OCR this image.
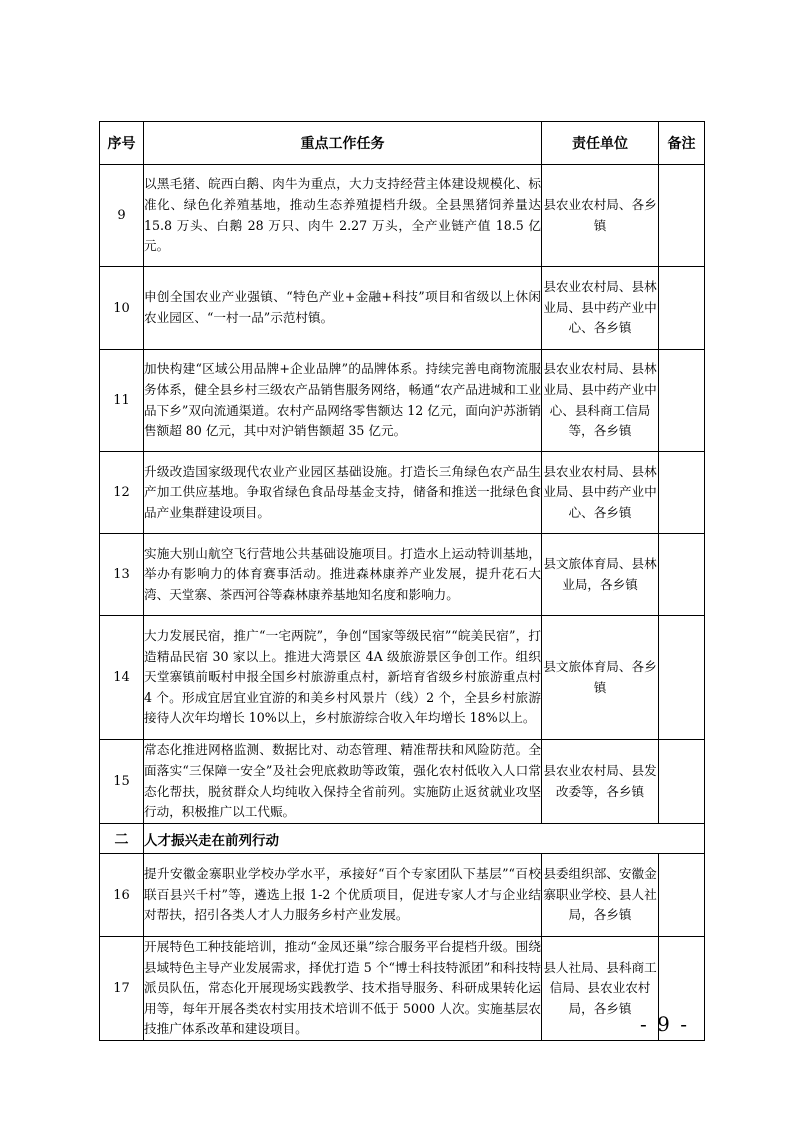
序号	重点工作任务	责任单位	备注
9	以黑毛猪、皖西白鹅、肉牛为重点，大力支持经营主体建设规模化、标准化、绿色化养殖基地，推动生态养殖提档升级。全县黑猪饲养量达 15.8 万头、白鹅 28 万只、肉牛 2.27 万头，全产业链产值 18.5 亿元。	县农业农村局、各乡镇	
10	申创全国农业产业强镇、“特色产业+金融+科技”项目和省级以上休闲农业园区、“一村一品”示范村镇。	县农业农村局、县林业局、县中药产业中心、各乡镇	
11	加快构建“区域公用品牌+企业品牌”的品牌体系。持续完善电商物流服务体系，健全县乡村三级农产品销售服务网络，畅通“农产品进城和工业品下乡”双向流通渠道。农村产品网络零售额达 12 亿元，面向沪苏浙销售额超 80 亿元，其中对沪销售额超 35 亿元。	县农业农村局、县林业局、县中药产业中心、县科商工信局等，各乡镇	
12	升级改造国家级现代农业产业园区基础设施。打造长三角绿色农产品生产加工供应基地。争取省绿色食品母基金支持，储备和推送一批绿色食品产业集群建设项目。	县农业农村局、县林业局、县中药产业中心、各乡镇	
13	实施大别山航空飞行营地公共基础设施项目。打造水上运动特训基地，举办有影响力的体育赛事活动。推进森林康养产业发展，提升花石大湾、天堂寨、茶西河谷等森林康养基地知名度和影响力。	县文旅体育局、县林业局，各乡镇	
14	大力发展民宿，推广“一宅两院”，争创“国家等级民宿”“皖美民宿”，打造精品民宿 30 家以上。推进大湾景区 4A 级旅游景区争创工作。组织天堂寨镇前畈村申报全国乡村旅游重点村，新培育省级乡村旅游重点村 4 个。形成宜居宜业宜游的和美乡村风景片（线）2 个，全县乡村旅游接待人次年均增长 10%以上，乡村旅游综合收入年均增长 18%以上。	县文旅体育局、各乡镇	
15	常态化推进网格监测、数据比对、动态管理、精准帮扶和风险防范。全面落实“三保障一安全”及社会兜底救助等政策，强化农村低收入人口常态化帮扶，脱贫群众人均纯收入保持全省前列。实施防止返贫就业攻坚行动，积极推广以工代赈。	县农业农村局、县发改委等，各乡镇	
二	人才振兴走在前列行动		
16	提升安徽金寨职业学校办学水平，承接好“百个专家团队下基层”“百校联百县兴千村”等，遴选上报 1-2 个优质项目，促进专家人才与企业结对帮扶，招引各类人才人力服务乡村产业发展。	县委组织部、安徽金寨职业学校、县人社局，各乡镇	
17	开展特色工种技能培训，推动“金凤还巢”综合服务平台提档升级。围绕县域特色主导产业发展需求，择优打造 5 个“博士科技特派团”和科技特派员队伍，常态化开展现场实践教学、技术指导服务、科研成果转化运用等，每年开展各类农村实用技术培训不低于 5000 人次。实施基层农技推广体系改革和建设项目。	县人社局、县科商工信局、县农业农村局，各乡镇	
- 9 -
